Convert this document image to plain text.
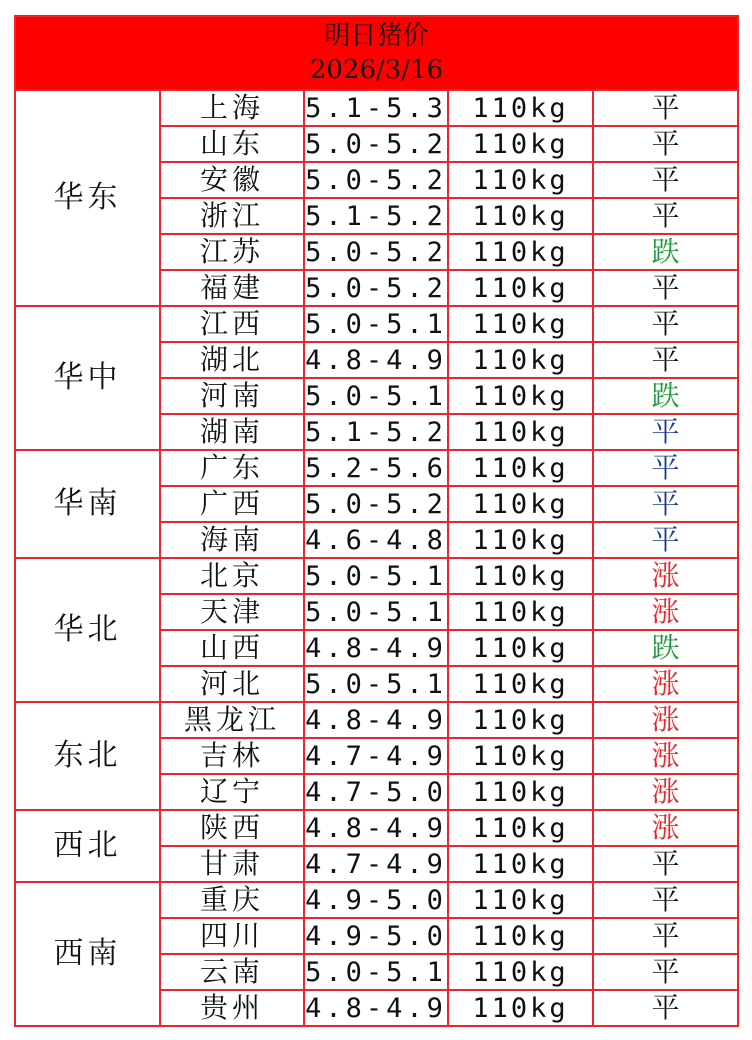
明日猪价
2026/3/16				

华东	上海	5.1-5.3	110kg	平
	山东	5.0-5.2	110kg	平
	安徽	5.0-5.2	110kg	平
	浙江	5.1-5.2	110kg	平
	江苏	5.0-5.2	110kg	跌
	福建	5.0-5.2	110kg	平
华中	江西	5.0-5.1	110kg	平
	湖北	4.8-4.9	110kg	平
	河南	5.0-5.1	110kg	跌
	湖南	5.1-5.2	110kg	平
华南	广东	5.2-5.6	110kg	平
	广西	5.0-5.2	110kg	平
	海南	4.6-4.8	110kg	平
华北	北京	5.0-5.1	110kg	涨
	天津	5.0-5.1	110kg	涨
	山西	4.8-4.9	110kg	跌
	河北	5.0-5.1	110kg	涨
东北	黑龙江	4.8-4.9	110kg	涨
	吉林	4.7-4.9	110kg	涨
	辽宁	4.7-5.0	110kg	涨
西北	陕西	4.8-4.9	110kg	涨
	甘肃	4.7-4.9	110kg	平
西南	重庆	4.9-5.0	110kg	平
	四川	4.9-5.0	110kg	平
	云南	5.0-5.1	110kg	平
	贵州	4.8-4.9	110kg	平
